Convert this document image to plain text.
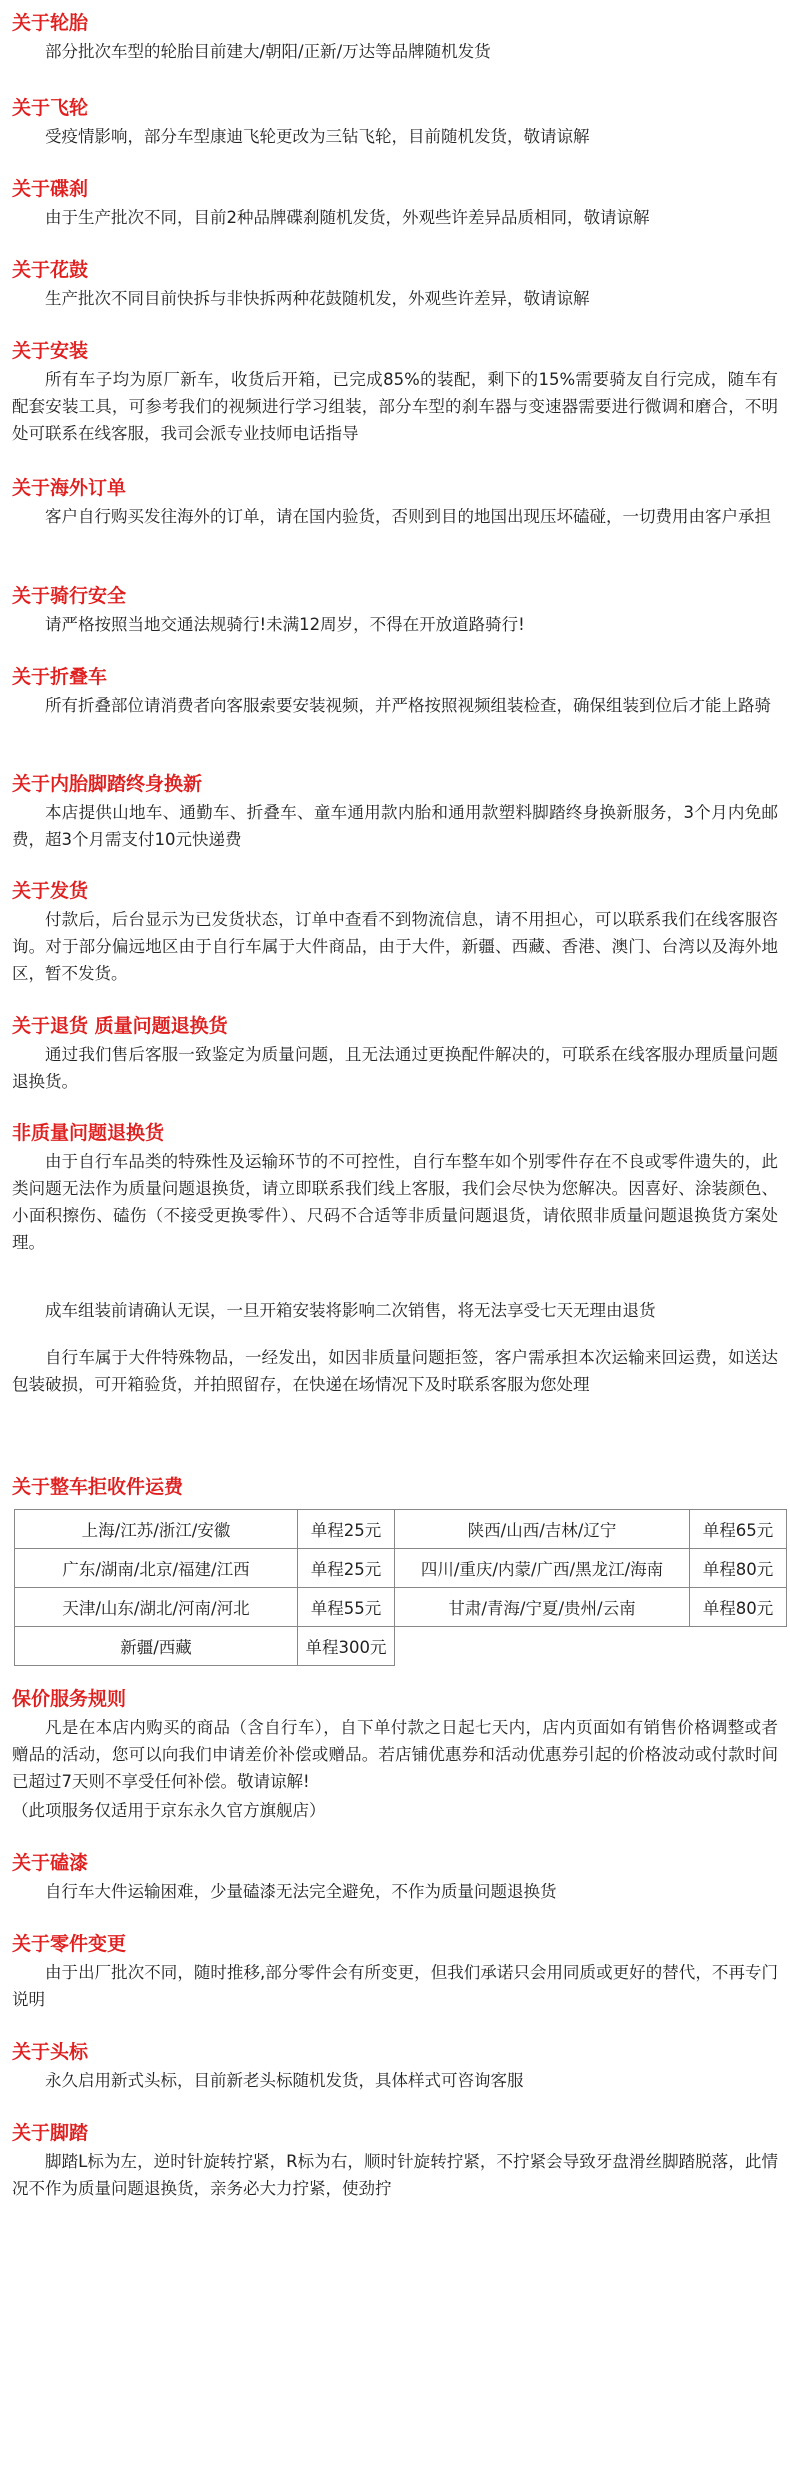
关于轮胎

部分批次车型的轮胎目前建大/朝阳/正新/万达等品牌随机发货

关于飞轮

受疫情影响，部分车型康迪飞轮更改为三钻飞轮，目前随机发货，敬请谅解

关于碟刹

由于生产批次不同，目前2种品牌碟刹随机发货，外观些许差异品质相同，敬请谅解

关于花鼓

生产批次不同目前快拆与非快拆两种花鼓随机发，外观些许差异，敬请谅解

关于安装

所有车子均为原厂新车，收货后开箱，已完成85%的装配，剩下的15%需要骑友自行完成，随车有配套安装工具，可参考我们的视频进行学习组装，部分车型的刹车器与变速器需要进行微调和磨合，不明处可联系在线客服，我司会派专业技师电话指导

关于海外订单

客户自行购买发往海外的订单，请在国内验货，否则到目的地国出现压坏磕碰，一切费用由客户承担

关于骑行安全

请严格按照当地交通法规骑行!未满12周岁，不得在开放道路骑行!

关于折叠车

所有折叠部位请消费者向客服索要安装视频，并严格按照视频组装检查，确保组装到位后才能上路骑

关于内胎脚踏终身换新

本店提供山地车、通勤车、折叠车、童车通用款内胎和通用款塑料脚踏终身换新服务，3个月内免邮费，超3个月需支付10元快递费

关于发货

付款后，后台显示为已发货状态，订单中查看不到物流信息，请不用担心，可以联系我们在线客服咨询。对于部分偏远地区由于自行车属于大件商品，由于大件，新疆、西藏、香港、澳门、台湾以及海外地区，暂不发货。

关于退货 质量问题退换货

通过我们售后客服一致鉴定为质量问题，且无法通过更换配件解决的，可联系在线客服办理质量问题退换货。

非质量问题退换货

由于自行车品类的特殊性及运输环节的不可控性，自行车整车如个别零件存在不良或零件遗失的，此类问题无法作为质量问题退换货，请立即联系我们线上客服，我们会尽快为您解决。因喜好、涂装颜色、小面积擦伤、磕伤（不接受更换零件）、尺码不合适等非质量问题退货，请依照非质量问题退换货方案处理。

成车组装前请确认无误，一旦开箱安装将影响二次销售，将无法享受七天无理由退货

自行车属于大件特殊物品，一经发出，如因非质量问题拒签，客户需承担本次运输来回运费，如送达包装破损，可开箱验货，并拍照留存，在快递在场情况下及时联系客服为您处理

关于整车拒收件运费
上海/江苏/浙江/安徽	单程25元	陕西/山西/吉林/辽宁	单程65元
广东/湖南/北京/福建/江西	单程25元	四川/重庆/内蒙/广西/黑龙江/海南	单程80元
天津/山东/湖北/河南/河北	单程55元	甘肃/青海/宁夏/贵州/云南	单程80元
新疆/西藏	单程300元		
保价服务规则

凡是在本店内购买的商品（含自行车），自下单付款之日起七天内，店内页面如有销售价格调整或者赠品的活动，您可以向我们申请差价补偿或赠品。若店铺优惠券和活动优惠券引起的价格波动或付款时间已超过7天则不享受任何补偿。敬请谅解!

（此项服务仅适用于京东永久官方旗舰店）

关于磕漆

自行车大件运输困难，少量磕漆无法完全避免，不作为质量问题退换货

关于零件变更

由于出厂批次不同，随时推移,部分零件会有所变更，但我们承诺只会用同质或更好的替代，不再专门说明

关于头标

永久启用新式头标，目前新老头标随机发货，具体样式可咨询客服

关于脚踏

脚踏L标为左，逆时针旋转拧紧，R标为右，顺时针旋转拧紧，不拧紧会导致牙盘滑丝脚踏脱落，此情况不作为质量问题退换货，亲务必大力拧紧，使劲拧
